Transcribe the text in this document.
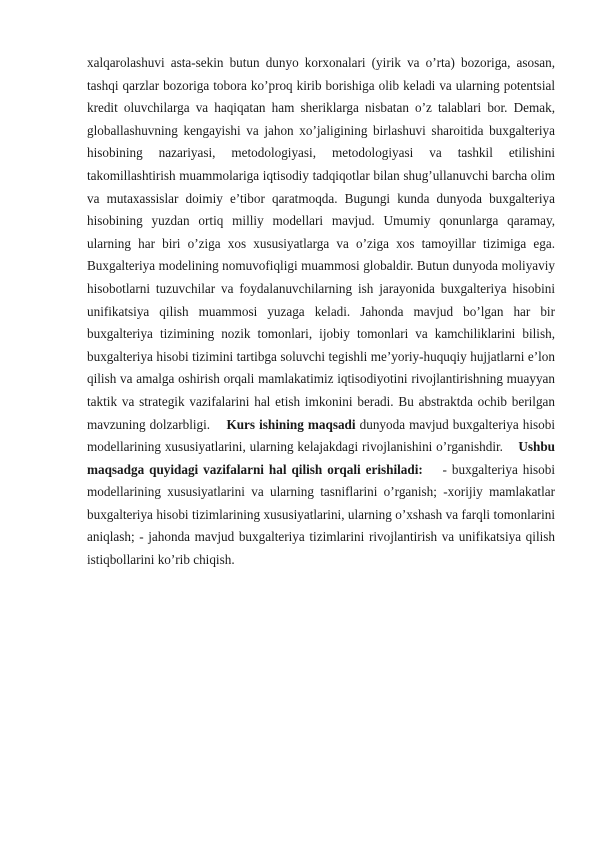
xalqarolashuvi asta-sekin butun dunyo korxonalari (yirik va o’rta) bozoriga, asosan, tashqi qarzlar bozoriga tobora ko’proq kirib borishiga olib keladi va ularning potentsial kredit oluvchilarga va haqiqatan ham sheriklarga nisbatan o’z talablari bor. Demak, globallashuvning kengayishi va jahon xo’jaligining birlashuvi sharoitida buxgalteriya hisobining nazariyasi, metodologiyasi, metodologiyasi va tashkil etilishini takomillashtirish muammolariga iqtisodiy tadqiqotlar bilan shug’ullanuvchi barcha olim va mutaxassislar doimiy e’tibor qaratmoqda. Bugungi kunda dunyoda buxgalteriya hisobining yuzdan ortiq milliy modellari mavjud. Umumiy qonunlarga qaramay, ularning har biri o’ziga xos xususiyatlarga va o’ziga xos tamoyillar tizimiga ega. Buxgalteriya modelining nomuvofiqligi muammosi globaldir. Butun dunyoda moliyaviy hisobotlarni tuzuvchilar va foydalanuvchilarning ish jarayonida buxgalteriya hisobini unifikatsiya qilish muammosi yuzaga keladi. Jahonda mavjud bo’lgan har bir buxgalteriya tizimining nozik tomonlari, ijobiy tomonlari va kamchiliklarini bilish, buxgalteriya hisobi tizimini tartibga soluvchi tegishli me’yoriy-huquqiy hujjatlarni e’lon qilish va amalga oshirish orqali mamlakatimiz iqtisodiyotini rivojlantirishning muayyan taktik va strategik vazifalarini hal etish imkonini beradi. Bu abstraktda ochib berilgan mavzuning dolzarbligi. Kurs ishining maqsadi dunyoda mavjud buxgalteriya hisobi modellarining xususiyatlarini, ularning kelajakdagi rivojlanishini o’rganishdir. Ushbu maqsadga quyidagi vazifalarni hal qilish orqali erishiladi:    - buxgalteriya hisobi modellarining xususiyatlarini va ularning tasniflarini o’rganish; -xorijiy mamlakatlar buxgalteriya hisobi tizimlarining xususiyatlarini, ularning o’xshash va farqli tomonlarini aniqlash; - jahonda mavjud buxgalteriya tizimlarini rivojlantirish va unifikatsiya qilish istiqbollarini ko’rib chiqish.
